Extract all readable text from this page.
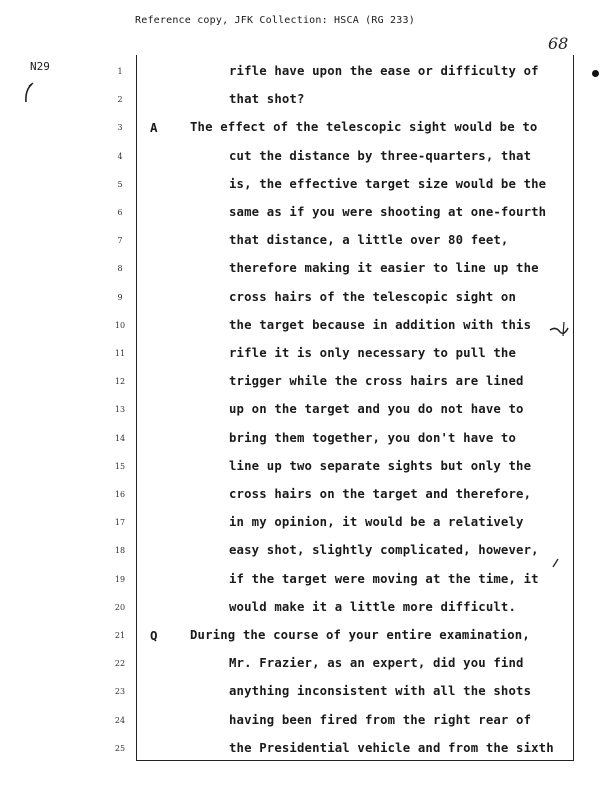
Reference copy, JFK Collection: HSCA (RG 233)
68
N29	1	rifle have upon the ease or difficulty of
2	that shot?
3	A	The effect of the telescopic sight would be to
4	cut the distance by three-quarters, that
5	is, the effective target size would be the
6	same as if you were shooting at one-fourth
7	that distance, a little over 80 feet,
8	therefore making it easier to line up the
9	cross hairs of the telescopic sight on
10	the target because in addition with this
11	rifle it is only necessary to pull the
12	trigger while the cross hairs are lined
13	up on the target and you do not have to
14	bring them together, you don't have to
15	line up two separate sights but only the
16	cross hairs on the target and therefore,
17	in my opinion, it would be a relatively
18	easy shot, slightly complicated, however,
19	if the target were moving at the time, it
20	would make it a little more difficult.
21 Q	During the course of your entire examination,
22	Mr. Frazier, as an expert, did you find
23	anything inconsistent with all the shots
24	having been fired from the right rear of
25	the Presidential vehicle and from the sixth
